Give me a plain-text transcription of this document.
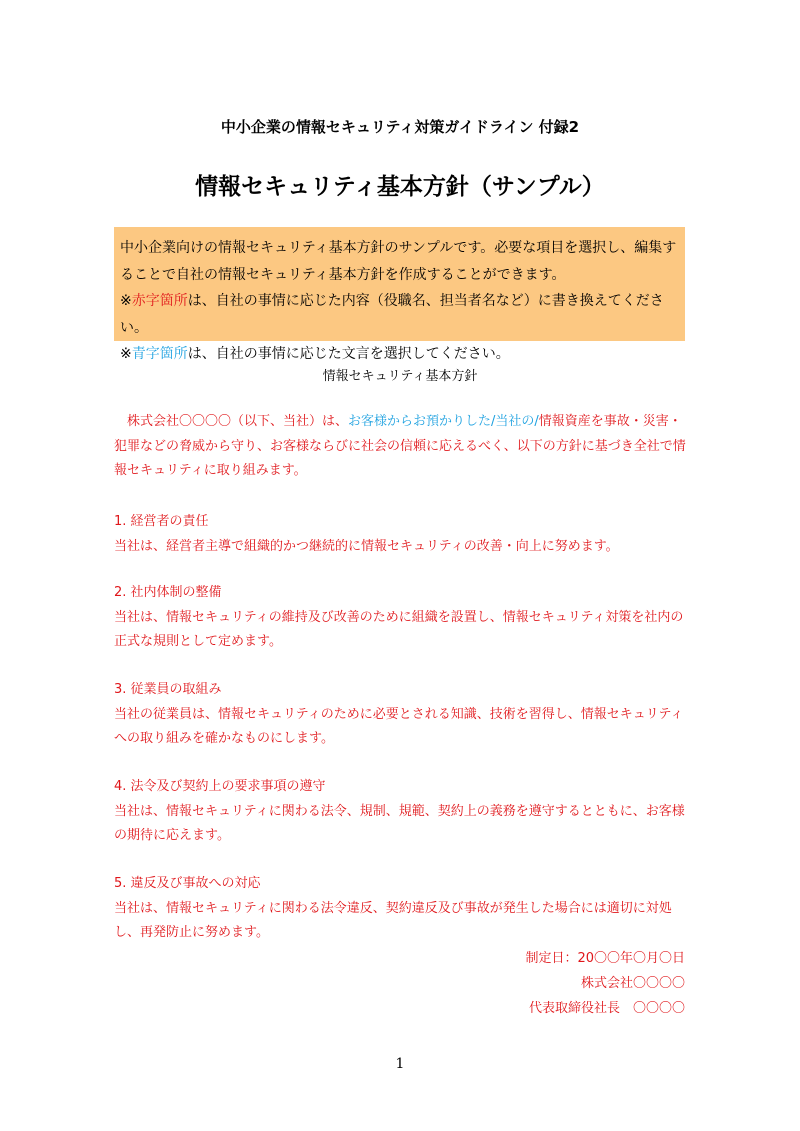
中小企業の情報セキュリティ対策ガイドライン 付録2
情報セキュリティ基本方針（サンプル）
中小企業向けの情報セキュリティ基本方針のサンプルです。必要な項目を選択し、編集することで自社の情報セキュリティ基本方針を作成することができます。
※赤字箇所は、自社の事情に応じた内容（役職名、担当者名など）に書き換えてください。
※青字箇所は、自社の事情に応じた文言を選択してください。
情報セキュリティ基本方針
株式会社〇〇〇〇（以下、当社）は、お客様からお預かりした/当社の/情報資産を事故・災害・犯罪などの脅威から守り、お客様ならびに社会の信頼に応えるべく、以下の方針に基づき全社で情報セキュリティに取り組みます。
1. 経営者の責任
当社は、経営者主導で組織的かつ継続的に情報セキュリティの改善・向上に努めます。
2. 社内体制の整備
当社は、情報セキュリティの維持及び改善のために組織を設置し、情報セキュリティ対策を社内の正式な規則として定めます。
3. 従業員の取組み
当社の従業員は、情報セキュリティのために必要とされる知識、技術を習得し、情報セキュリティへの取り組みを確かなものにします。
4. 法令及び契約上の要求事項の遵守
当社は、情報セキュリティに関わる法令、規制、規範、契約上の義務を遵守するとともに、お客様の期待に応えます。
5. 違反及び事故への対応
当社は、情報セキュリティに関わる法令違反、契約違反及び事故が発生した場合には適切に対処し、再発防止に努めます。
制定日：20〇〇年〇月〇日
株式会社〇〇〇〇
代表取締役社長　〇〇〇〇
1
